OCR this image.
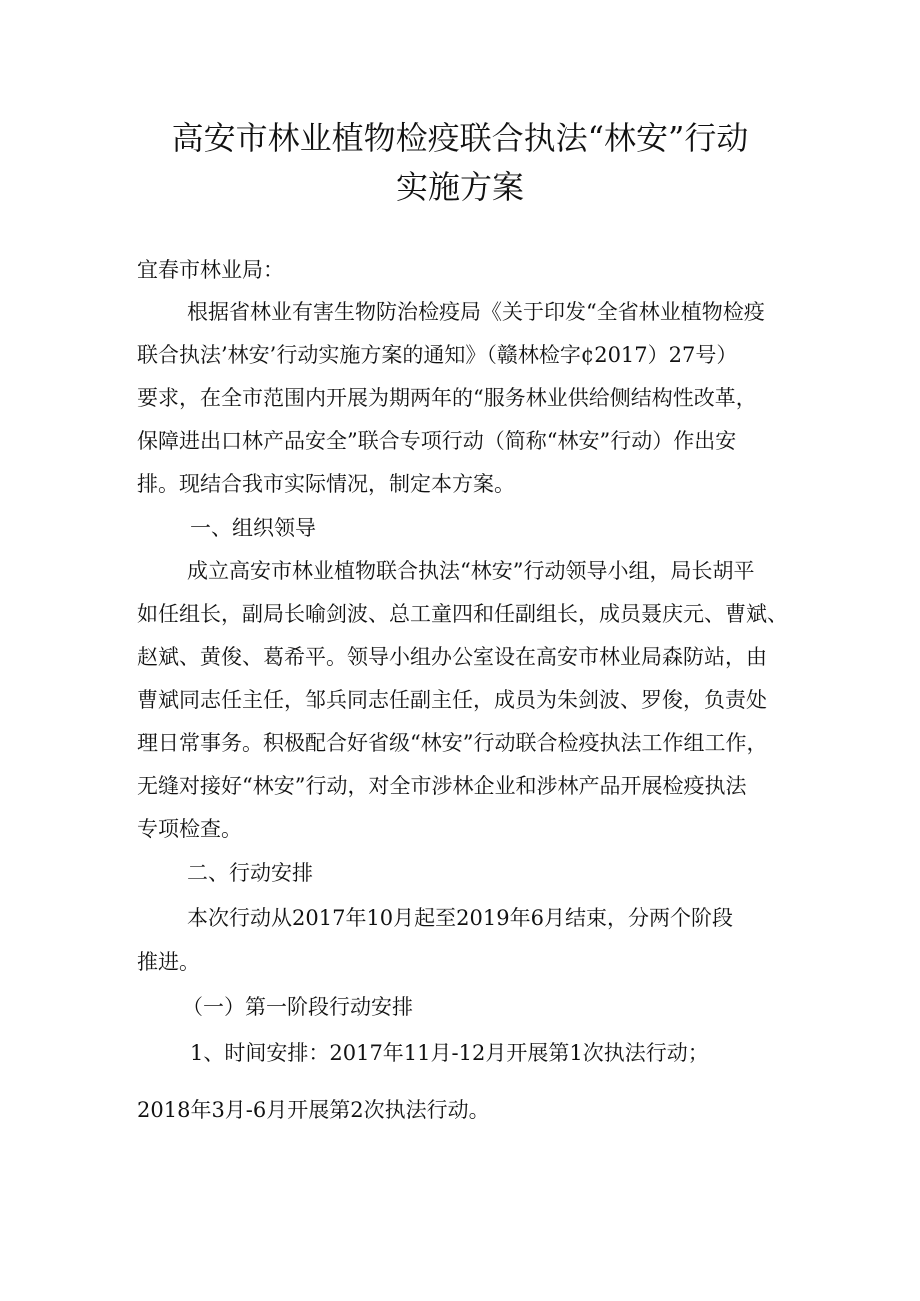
高安市林业植物检疫联合执法“林安”行动
实施方案
宜春市林业局：
根据省林业有害生物防治检疫局《关于印发“全省林业植物检疫
联合执法’林安’行动实施方案的通知》（赣林检字¢2017）27号）
要求，在全市范围内开展为期两年的“服务林业供给侧结构性改革，
保障进出口林产品安全”联合专项行动（简称“林安”行动）作出安
排。现结合我市实际情况，制定本方案。
一、组织领导
成立高安市林业植物联合执法“林安”行动领导小组，局长胡平
如任组长，副局长喻剑波、总工童四和任副组长，成员聂庆元、曹斌、
赵斌、黄俊、葛希平。领导小组办公室设在高安市林业局森防站，由
曹斌同志任主任，邹兵同志任副主任，成员为朱剑波、罗俊，负责处
理日常事务。积极配合好省级“林安”行动联合检疫执法工作组工作，
无缝对接好“林安”行动，对全市涉林企业和涉林产品开展检疫执法
专项检查。
二、行动安排
本次行动从2017年10月起至2019年6月结束，分两个阶段
推进。
（一）第一阶段行动安排
1、时间安排：2017年11月-12月开展第1次执法行动；
2018年3月-6月开展第2次执法行动。
